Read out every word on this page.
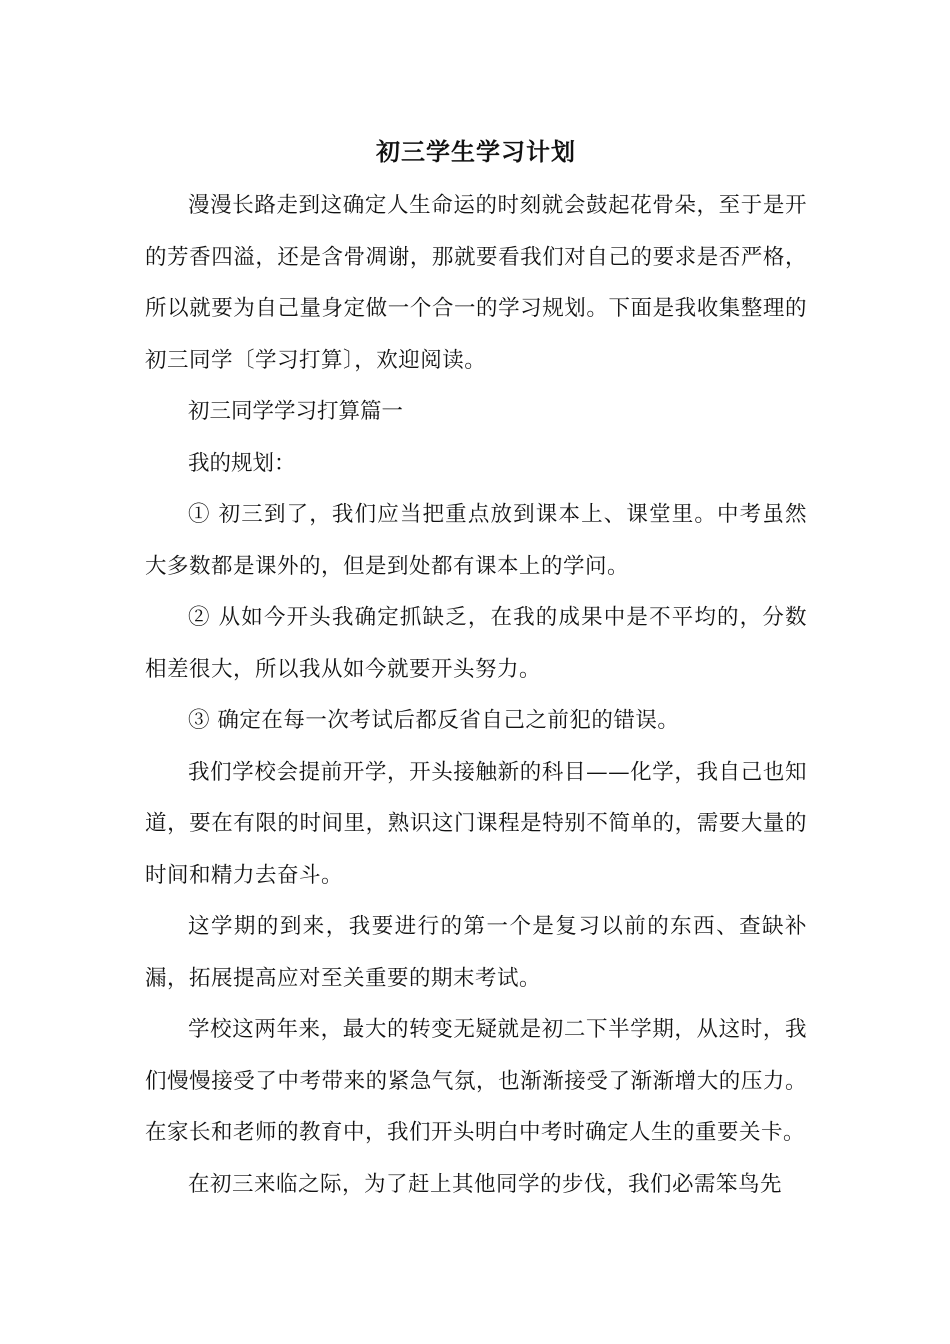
初三学生学习计划

漫漫长路走到这确定人生命运的时刻就会鼓起花骨朵，至于是开的芳香四溢，还是含骨凋谢，那就要看我们对自己的要求是否严格，所以就要为自己量身定做一个合一的学习规划。下面是我收集整理的初三同学〔学习打算〕，欢迎阅读。

初三同学学习打算篇一

我的规划：

① 初三到了，我们应当把重点放到课本上、课堂里。中考虽然大多数都是课外的，但是到处都有课本上的学问。

② 从如今开头我确定抓缺乏，在我的成果中是不平均的，分数相差很大，所以我从如今就要开头努力。

③ 确定在每一次考试后都反省自己之前犯的错误。

我们学校会提前开学，开头接触新的科目——化学，我自己也知道，要在有限的时间里，熟识这门课程是特别不简单的，需要大量的时间和精力去奋斗。

这学期的到来，我要进行的第一个是复习以前的东西、查缺补漏，拓展提高应对至关重要的期末考试。

学校这两年来，最大的转变无疑就是初二下半学期，从这时，我们慢慢接受了中考带来的紧急气氛，也渐渐接受了渐渐增大的压力。在家长和老师的教育中，我们开头明白中考时确定人生的重要关卡。

在初三来临之际，为了赶上其他同学的步伐，我们必需笨鸟先
